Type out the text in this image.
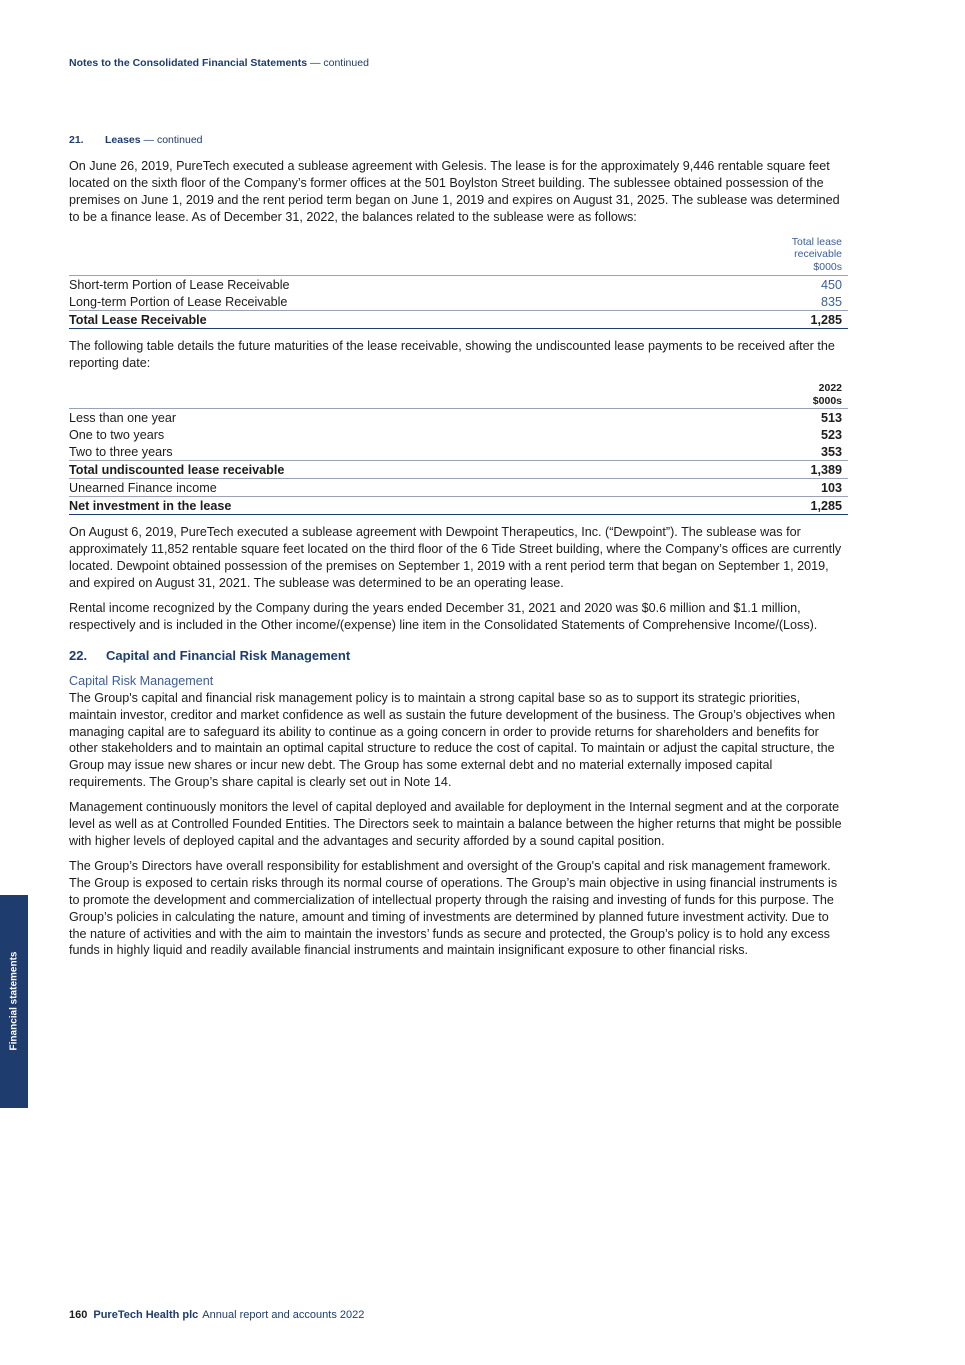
Notes to the Consolidated Financial Statements — continued
21. Leases — continued

On June 26, 2019, PureTech executed a sublease agreement with Gelesis. The lease is for the approximately 9,446 rentable square feet located on the sixth floor of the Company’s former offices at the 501 Boylston Street building. The sublessee obtained possession of the premises on June 1, 2019 and the rent period term began on June 1, 2019 and expires on August 31, 2025. The sublease was determined to be a finance lease. As of December 31, 2022, the balances related to the sublease were as follows:

	Total lease
receivable
$000s
Short-term Portion of Lease Receivable	450
Long-term Portion of Lease Receivable	835
Total Lease Receivable	1,285

The following table details the future maturities of the lease receivable, showing the undiscounted lease payments to be received after the reporting date:

	2022
$000s
Less than one year	513
One to two years	523
Two to three years	353
Total undiscounted lease receivable	1,389
Unearned Finance income	103
Net investment in the lease	1,285

On August 6, 2019, PureTech executed a sublease agreement with Dewpoint Therapeutics, Inc. (“Dewpoint”). The sublease was for approximately 11,852 rentable square feet located on the third floor of the 6 Tide Street building, where the Company’s offices are currently located. Dewpoint obtained possession of the premises on September 1, 2019 with a rent period term that began on September 1, 2019, and expired on August 31, 2021. The sublease was determined to be an operating lease.

Rental income recognized by the Company during the years ended December 31, 2021 and 2020 was $0.6 million and $1.1 million, respectively and is included in the Other income/(expense) line item in the Consolidated Statements of Comprehensive Income/(Loss).

22. Capital and Financial Risk Management
Capital Risk Management

The Group's capital and financial risk management policy is to maintain a strong capital base so as to support its strategic priorities, maintain investor, creditor and market confidence as well as sustain the future development of the business. The Group’s objectives when managing capital are to safeguard its ability to continue as a going concern in order to provide returns for shareholders and benefits for other stakeholders and to maintain an optimal capital structure to reduce the cost of capital. To maintain or adjust the capital structure, the Group may issue new shares or incur new debt. The Group has some external debt and no material externally imposed capital requirements. The Group’s share capital is clearly set out in Note 14.

Management continuously monitors the level of capital deployed and available for deployment in the Internal segment and at the corporate level as well as at Controlled Founded Entities. The Directors seek to maintain a balance between the higher returns that might be possible with higher levels of deployed capital and the advantages and security afforded by a sound capital position.

The Group’s Directors have overall responsibility for establishment and oversight of the Group's capital and risk management framework. The Group is exposed to certain risks through its normal course of operations. The Group’s main objective in using financial instruments is to promote the development and commercialization of intellectual property through the raising and investing of funds for this purpose. The Group’s policies in calculating the nature, amount and timing of investments are determined by planned future investment activity. Due to the nature of activities and with the aim to maintain the investors’ funds as secure and protected, the Group’s policy is to hold any excess funds in highly liquid and readily available financial instruments and maintain insignificant exposure to other financial risks.

Financial statements
160 PureTech Health plc Annual report and accounts 2022
